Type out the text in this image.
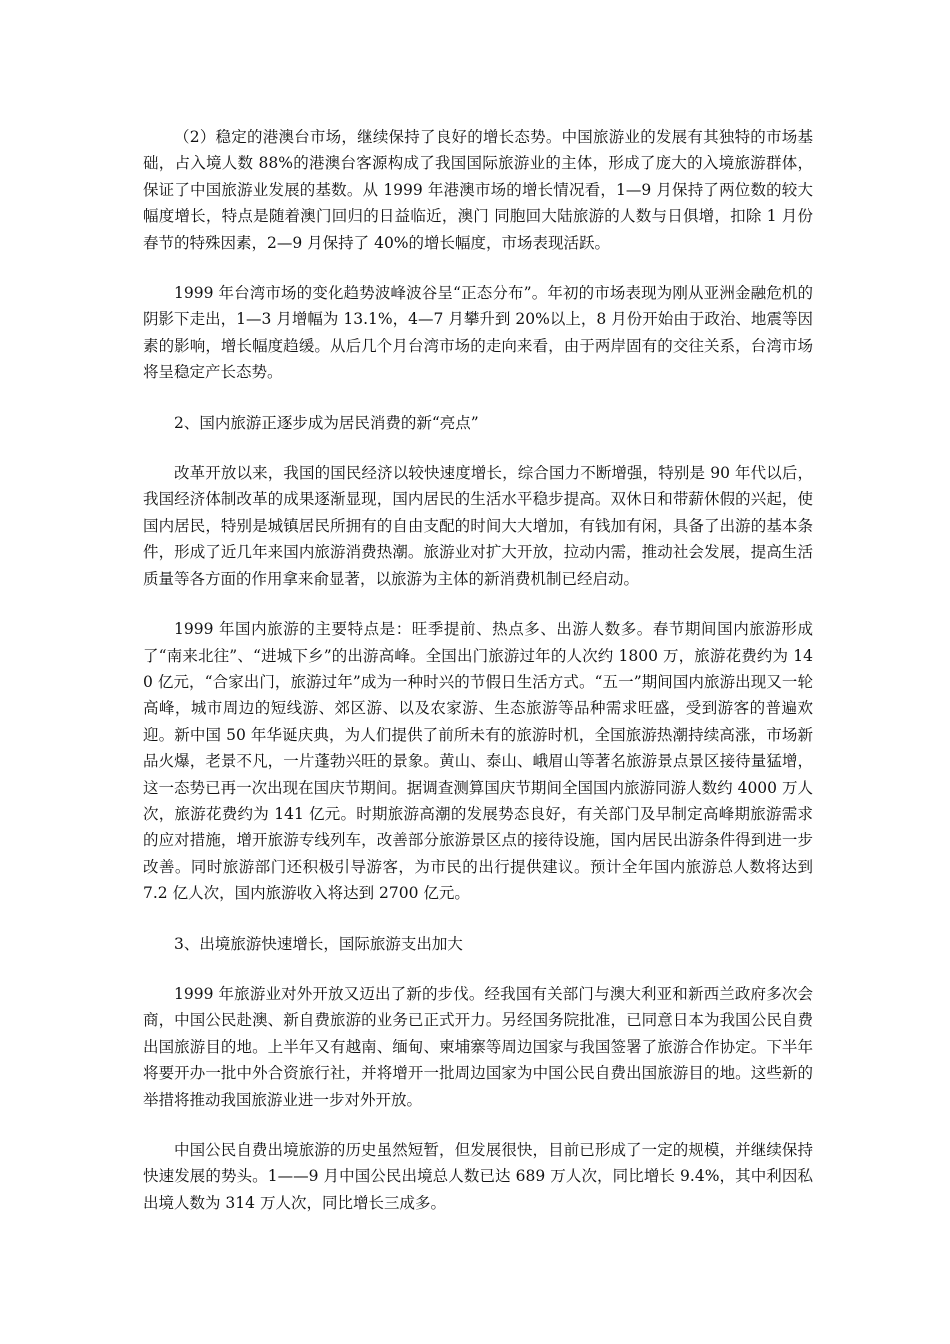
（2）稳定的港澳台市场，继续保持了良好的增长态势。中国旅游业的发展有其独特的市场基础，占入境人数 88%的港澳台客源构成了我国国际旅游业的主体，形成了庞大的入境旅游群体，保证了中国旅游业发展的基数。从 1999 年港澳市场的增长情况看，1—9 月保持了两位数的较大幅度增长，特点是随着澳门回归的日益临近，澳门 同胞回大陆旅游的人数与日俱增，扣除 1 月份春节的特殊因素，2—9 月保持了 40%的增长幅度，市场表现活跃。

1999 年台湾市场的变化趋势波峰波谷呈“正态分布”。年初的市场表现为刚从亚洲金融危机的阴影下走出，1—3 月增幅为 13.1%，4—7 月攀升到 20%以上，8 月份开始由于政治、地震等因素的影响，增长幅度趋缓。从后几个月台湾市场的走向来看，由于两岸固有的交往关系，台湾市场将呈稳定产长态势。

2、国内旅游正逐步成为居民消费的新“亮点”

改革开放以来，我国的国民经济以较快速度增长，综合国力不断增强，特别是 90 年代以后，我国经济体制改革的成果逐渐显现，国内居民的生活水平稳步提高。双休日和带薪休假的兴起，使国内居民，特别是城镇居民所拥有的自由支配的时间大大增加，有钱加有闲，具备了出游的基本条件，形成了近几年来国内旅游消费热潮。旅游业对扩大开放，拉动内需，推动社会发展，提高生活质量等各方面的作用拿来俞显著，以旅游为主体的新消费机制已经启动。

1999 年国内旅游的主要特点是：旺季提前、热点多、出游人数多。春节期间国内旅游形成了“南来北往”、“进城下乡”的出游高峰。全国出门旅游过年的人次约 1800 万，旅游花费约为 140 亿元，“合家出门，旅游过年”成为一种时兴的节假日生活方式。“五一”期间国内旅游出现又一轮高峰，城市周边的短线游、郊区游、以及农家游、生态旅游等品种需求旺盛，受到游客的普遍欢迎。新中国 50 年华诞庆典，为人们提供了前所未有的旅游时机，全国旅游热潮持续高涨，市场新品火爆，老景不凡，一片蓬勃兴旺的景象。黄山、泰山、峨眉山等著名旅游景点景区接待量猛增，这一态势已再一次出现在国庆节期间。据调查测算国庆节期间全国国内旅游同游人数约 4000 万人次，旅游花费约为 141 亿元。时期旅游高潮的发展势态良好，有关部门及早制定高峰期旅游需求的应对措施，增开旅游专线列车，改善部分旅游景区点的接待设施，国内居民出游条件得到进一步改善。同时旅游部门还积极引导游客，为市民的出行提供建议。预计全年国内旅游总人数将达到 7.2 亿人次，国内旅游收入将达到 2700 亿元。

3、出境旅游快速增长，国际旅游支出加大

1999 年旅游业对外开放又迈出了新的步伐。经我国有关部门与澳大利亚和新西兰政府多次会商，中国公民赴澳、新自费旅游的业务已正式开力。另经国务院批准，已同意日本为我国公民自费出国旅游目的地。上半年又有越南、缅甸、柬埔寨等周边国家与我国签署了旅游合作协定。下半年将要开办一批中外合资旅行社，并将增开一批周边国家为中国公民自费出国旅游目的地。这些新的举措将推动我国旅游业进一步对外开放。

中国公民自费出境旅游的历史虽然短暂，但发展很快，目前已形成了一定的规模，并继续保持快速发展的势头。1——9 月中国公民出境总人数已达 689 万人次，同比增长 9.4%，其中利因私出境人数为 314 万人次，同比增长三成多。
